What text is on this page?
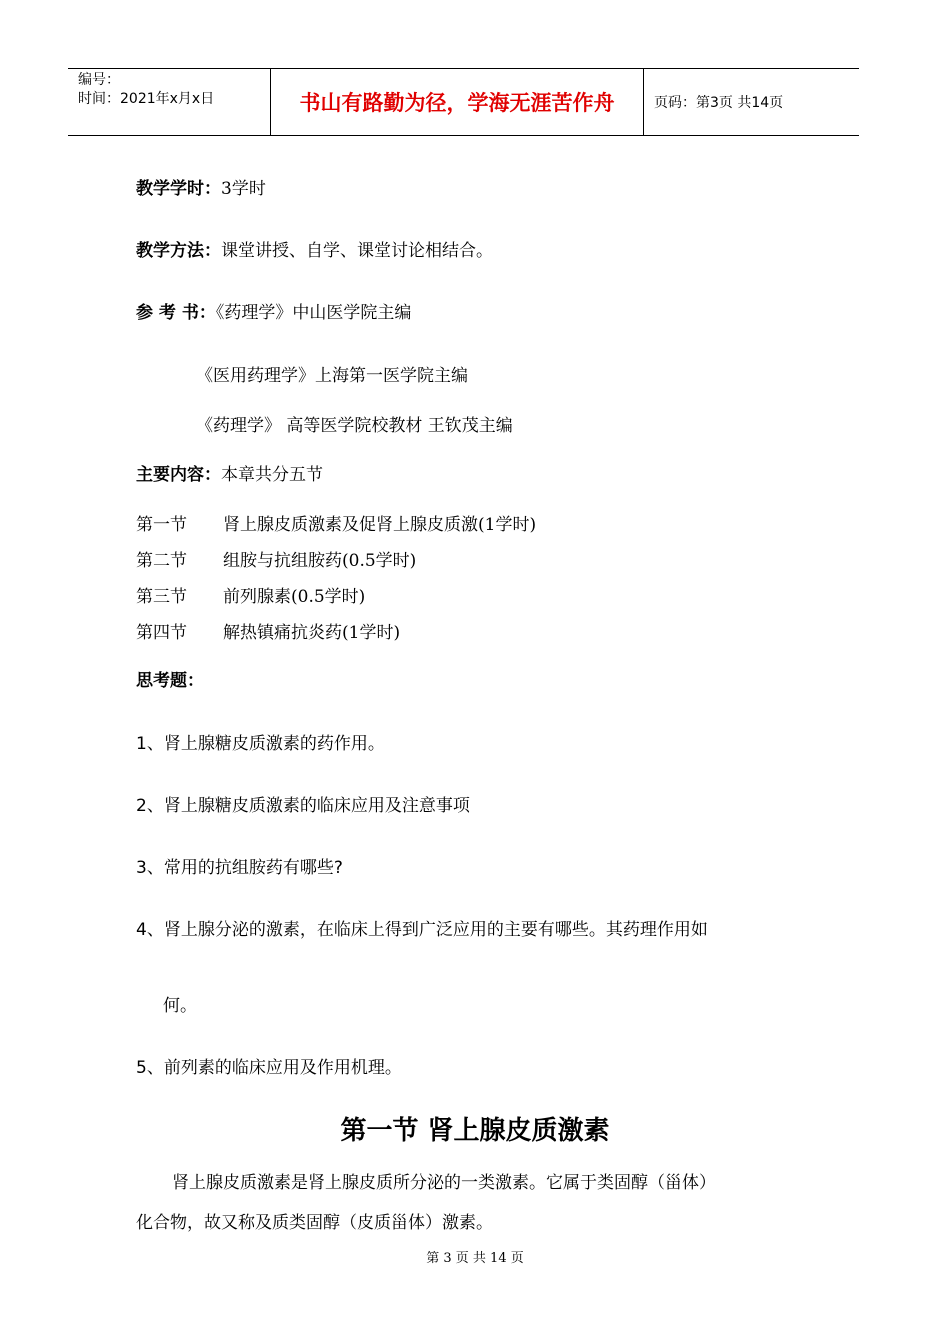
编号：
时间：2021年x月x日	书山有路勤为径，学海无涯苦作舟	页码：第3页 共14页
教学学时：3学时
教学方法：课堂讲授、自学、课堂讨论相结合。
参 考 书：《药理学》中山医学院主编
《医用药理学》上海第一医学院主编
《药理学》 高等医学院校教材 王钦茂主编
主要内容：本章共分五节
第一节 肾上腺皮质激素及促肾上腺皮质激(1学时)
第二节 组胺与抗组胺药(0.5学时)
第三节 前列腺素(0.5学时)
第四节 解热镇痛抗炎药(1学时)
思考题：
1、肾上腺糖皮质激素的药作用。
2、肾上腺糖皮质激素的临床应用及注意事项
3、常用的抗组胺药有哪些?
4、肾上腺分泌的激素，在临床上得到广泛应用的主要有哪些。其药理作用如
何。
5、前列素的临床应用及作用机理。
第一节 肾上腺皮质激素
肾上腺皮质激素是肾上腺皮质所分泌的一类激素。它属于类固醇（甾体）
化合物，故又称及质类固醇（皮质甾体）激素。
第 3 页 共 14 页
